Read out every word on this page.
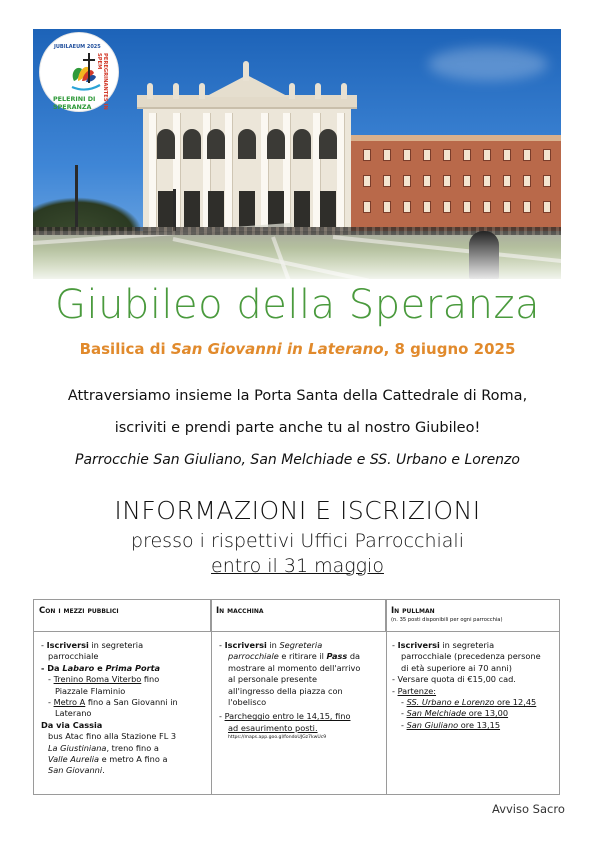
JUBILAEUM 2025
PEREGRINANTES IN SPEM
PELERINI DI SPERANZA
Giubileo della Speranza
Basilica di San Giovanni in Laterano, 8 giugno 2025
Attraversiamo insieme la Porta Santa della Cattedrale di Roma,
iscriviti e prendi parte anche tu al nostro Giubileo!
Parrocchie San Giuliano, San Melchiade e SS. Urbano e Lorenzo
INFORMAZIONI E ISCRIZIONI
presso i rispettivi Uffici Parrocchiali
entro il 31 maggio
Con i mezzi pubblici	In macchina	In pullman
(n. 35 posti disponibili per ogni parrocchia)
- Iscriversi in segreteria
parrocchiale
- Da Labaro e Prima Porta
- Trenino Roma Viterbo fino
Piazzale Flaminio
- Metro A fino a San Giovanni in
Laterano
Da via Cassia
bus Atac fino alla Stazione FL 3
La Giustiniana, treno fino a
Valle Aurelia e metro A fino a
San Giovanni.
- Iscriversi in Segreteria
parrocchiale e ritirare il Pass da
mostrare al momento dell'arrivo
al personale presente
all'ingresso della piazza con
l'obelisco
- Parcheggio entro le 14,15, fino
ad esaurimento posti.
https://maps.app.goo.gl/fondoUJGz7kwUc9
- Iscriversi in segreteria
parrocchiale (precedenza persone
di età superiore ai 70 anni)
- Versare quota di €15,00 cad.
- Partenze:
- SS. Urbano e Lorenzo ore 12,45
- San Melchiade ore 13,00
- San Giuliano ore 13,15
Avviso Sacro
